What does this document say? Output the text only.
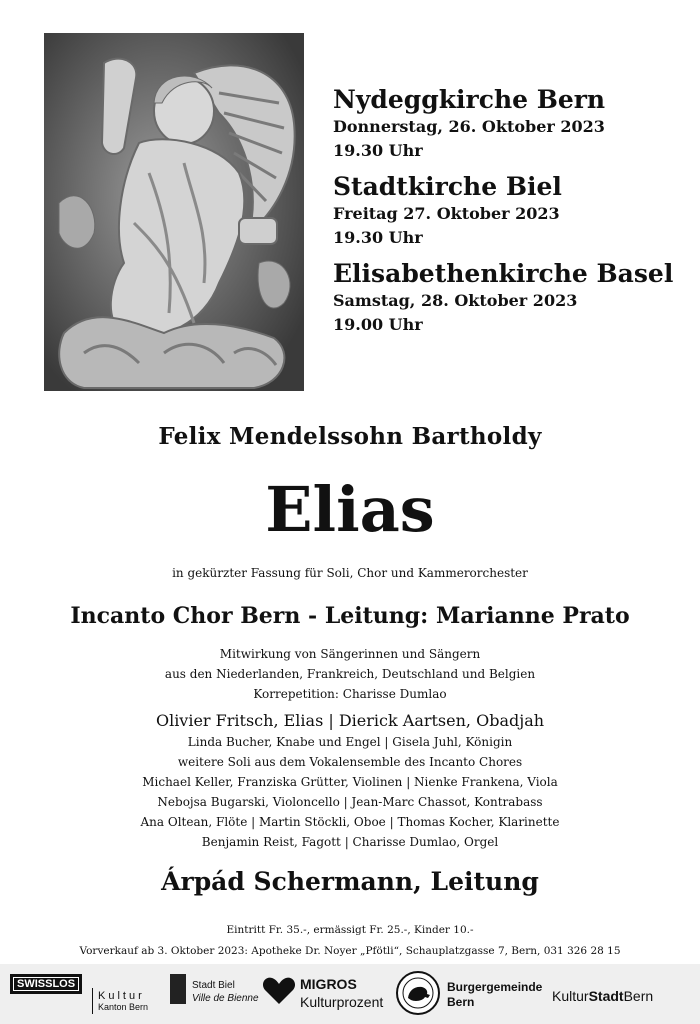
Nydeggkirche Bern
Donnerstag, 26. Oktober 2023
19.30 Uhr
Stadtkirche Biel
Freitag 27. Oktober 2023
19.30 Uhr
Elisabethenkirche Basel
Samstag, 28. Oktober 2023
19.00 Uhr
Felix Mendelssohn Bartholdy
Elias
in gekürzter Fassung für Soli, Chor und Kammerorchester
Incanto Chor Bern - Leitung: Marianne Prato
Mitwirkung von Sängerinnen und Sängern
aus den Niederlanden, Frankreich, Deutschland und Belgien
Korrepetition: Charisse Dumlao
Olivier Fritsch, Elias | Dierick Aartsen, Obadjah
Linda Bucher, Knabe und Engel | Gisela Juhl, Königin
weitere Soli aus dem Vokalensemble des Incanto Chores
Michael Keller, Franziska Grütter, Violinen | Nienke Frankena, Viola
Nebojsa Bugarski, Violoncello | Jean-Marc Chassot, Kontrabass
Ana Oltean, Flöte | Martin Stöckli, Oboe | Thomas Kocher, Klarinette
Benjamin Reist, Fagott | Charisse Dumlao, Orgel
Árpád Schermann, Leitung
Eintritt Fr. 35.-, ermässigt Fr. 25.-, Kinder 10.-
Vorverkauf ab 3. Oktober 2023: Apotheke Dr. Noyer „Pfötli“, Schauplatzgasse 7, Bern, 031 326 28 15
SWISSLOS
Kultur
Kanton Bern
Stadt Biel
Ville de Bienne
MIGROS
Kulturprozent
Burgergemeinde
Bern	KulturStadtBern
